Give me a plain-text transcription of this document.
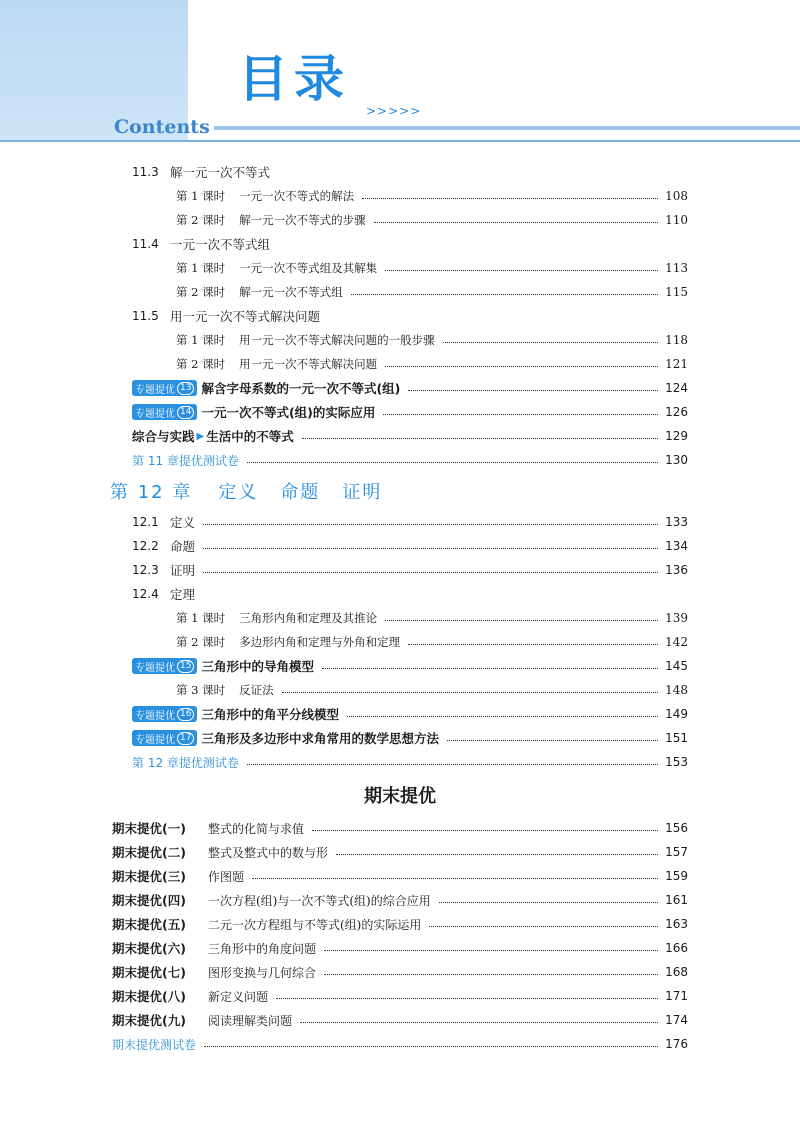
目录
>>>>>
Contents
11.3 解一元一次不等式
第 1 课时 一元一次不等式的解法	108
第 2 课时 解一元一次不等式的步骤	110
11.4 一元一次不等式组
第 1 课时 一元一次不等式组及其解集	113
第 2 课时 解一元一次不等式组	115
11.5 用一元一次不等式解决问题
第 1 课时 用一元一次不等式解决问题的一般步骤	118
第 2 课时 用一元一次不等式解决问题	121
专题提优 13 解含字母系数的一元一次不等式(组)	124
专题提优 14 一元一次不等式(组)的实际应用	126
综合与实践 ▶ 生活中的不等式	129
第 11 章提优测试卷	130
第 12 章 定义 命题 证明
12.1 定义	133
12.2 命题	134
12.3 证明	136
12.4 定理
第 1 课时 三角形内角和定理及其推论	139
第 2 课时 多边形内角和定理与外角和定理	142
专题提优 15 三角形中的导角模型	145
第 3 课时 反证法	148
专题提优 16 三角形中的角平分线模型	149
专题提优 17 三角形及多边形中求角常用的数学思想方法	151
第 12 章提优测试卷	153
期末提优
期末提优(一)	整式的化简与求值	156
期末提优(二)	整式及整式中的数与形	157
期末提优(三)	作图题	159
期末提优(四)	一次方程(组)与一次不等式(组)的综合应用	161
期末提优(五)	二元一次方程组与不等式(组)的实际运用	163
期末提优(六)	三角形中的角度问题	166
期末提优(七)	图形变换与几何综合	168
期末提优(八)	新定义问题	171
期末提优(九)	阅读理解类问题	174
期末提优测试卷	176
